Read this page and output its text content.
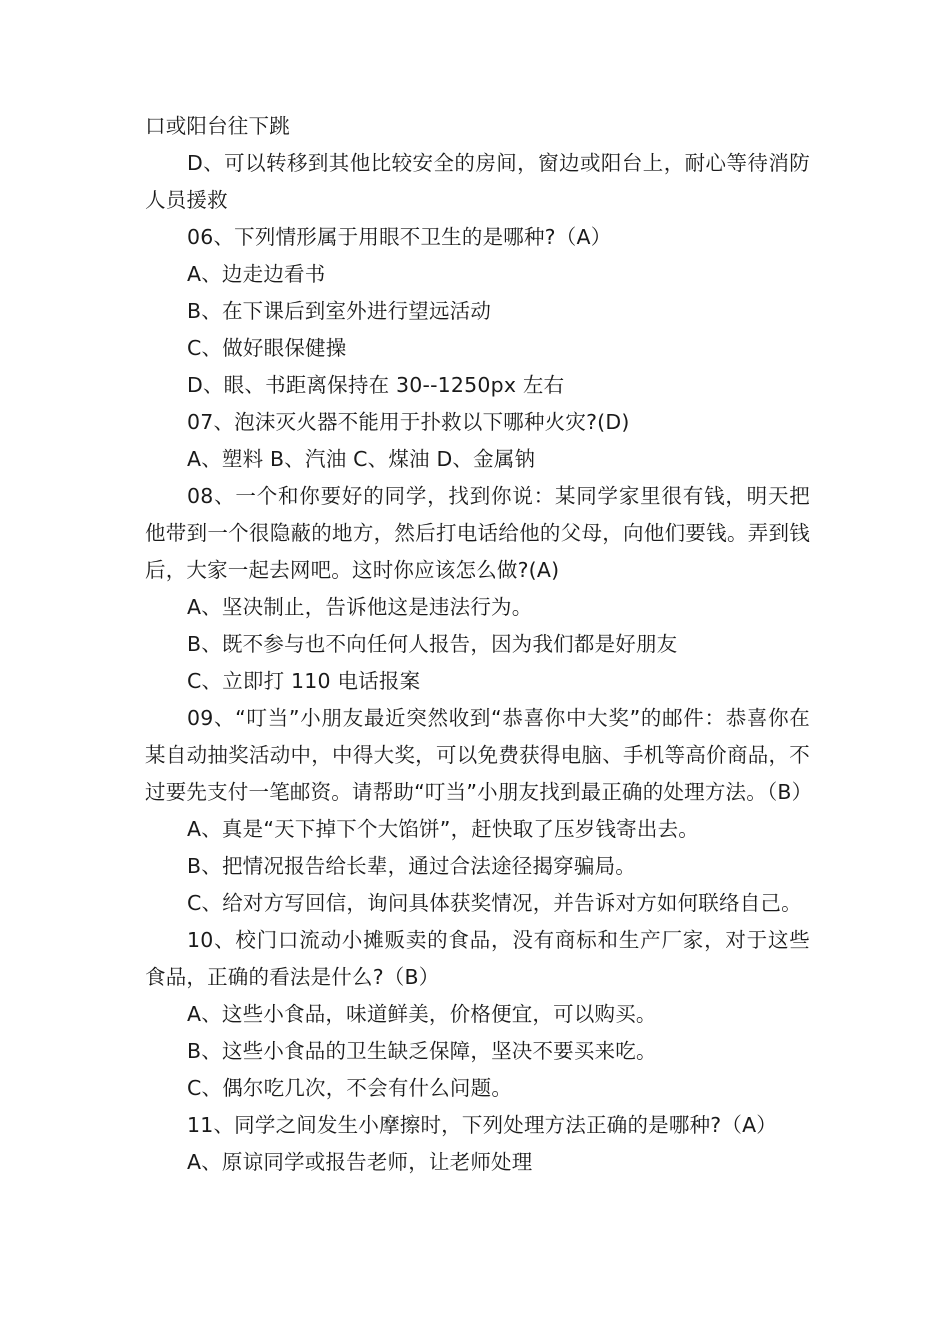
口或阳台往下跳

D、可以转移到其他比较安全的房间，窗边或阳台上，耐心等待消防人员援救

06、下列情形属于用眼不卫生的是哪种?（A）

A、边走边看书

B、在下课后到室外进行望远活动

C、做好眼保健操

D、眼、书距离保持在 30--1250px 左右

07、泡沫灭火器不能用于扑救以下哪种火灾?(D)

A、塑料 B、汽油 C、煤油 D、金属钠

08、一个和你要好的同学，找到你说：某同学家里很有钱，明天把他带到一个很隐蔽的地方，然后打电话给他的父母，向他们要钱。弄到钱后，大家一起去网吧。这时你应该怎么做?(A)

A、坚决制止，告诉他这是违法行为。

B、既不参与也不向任何人报告，因为我们都是好朋友

C、立即打 110 电话报案

09、“叮当”小朋友最近突然收到“恭喜你中大奖”的邮件：恭喜你在某自动抽奖活动中，中得大奖，可以免费获得电脑、手机等高价商品，不过要先支付一笔邮资。请帮助“叮当”小朋友找到最正确的处理方法。（B）

A、真是“天下掉下个大馅饼”，赶快取了压岁钱寄出去。

B、把情况报告给长辈，通过合法途径揭穿骗局。

C、给对方写回信，询问具体获奖情况，并告诉对方如何联络自己。

10、校门口流动小摊贩卖的食品，没有商标和生产厂家，对于这些食品，正确的看法是什么?（B）

A、这些小食品，味道鲜美，价格便宜，可以购买。

B、这些小食品的卫生缺乏保障，坚决不要买来吃。

C、偶尔吃几次，不会有什么问题。

11、同学之间发生小摩擦时，下列处理方法正确的是哪种?（A）

A、原谅同学或报告老师，让老师处理
